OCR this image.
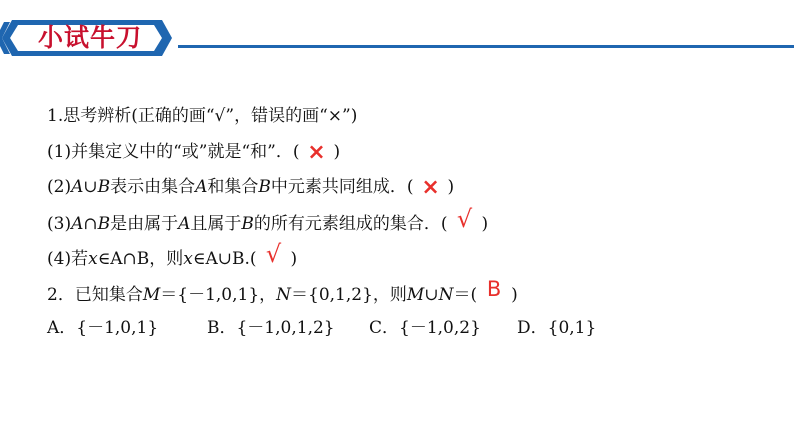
小试牛刀
1.思考辨析(正确的画“√”，错误的画“×”)
(1)并集定义中的“或”就是“和”．( × )
(2)A∪B表示由集合A和集合B中元素共同组成．( × )
(3)A∩B是由属于A且属于B的所有元素组成的集合．( √ )
(4)若x∈A∩B，则x∈A∪B.( √ )
2．已知集合M＝{－1,0,1}，N＝{0,1,2}，则M∪N＝( B )
A．{－1,0,1}	B．{－1,0,1,2} C．{－1,0,2} D．{0,1}
